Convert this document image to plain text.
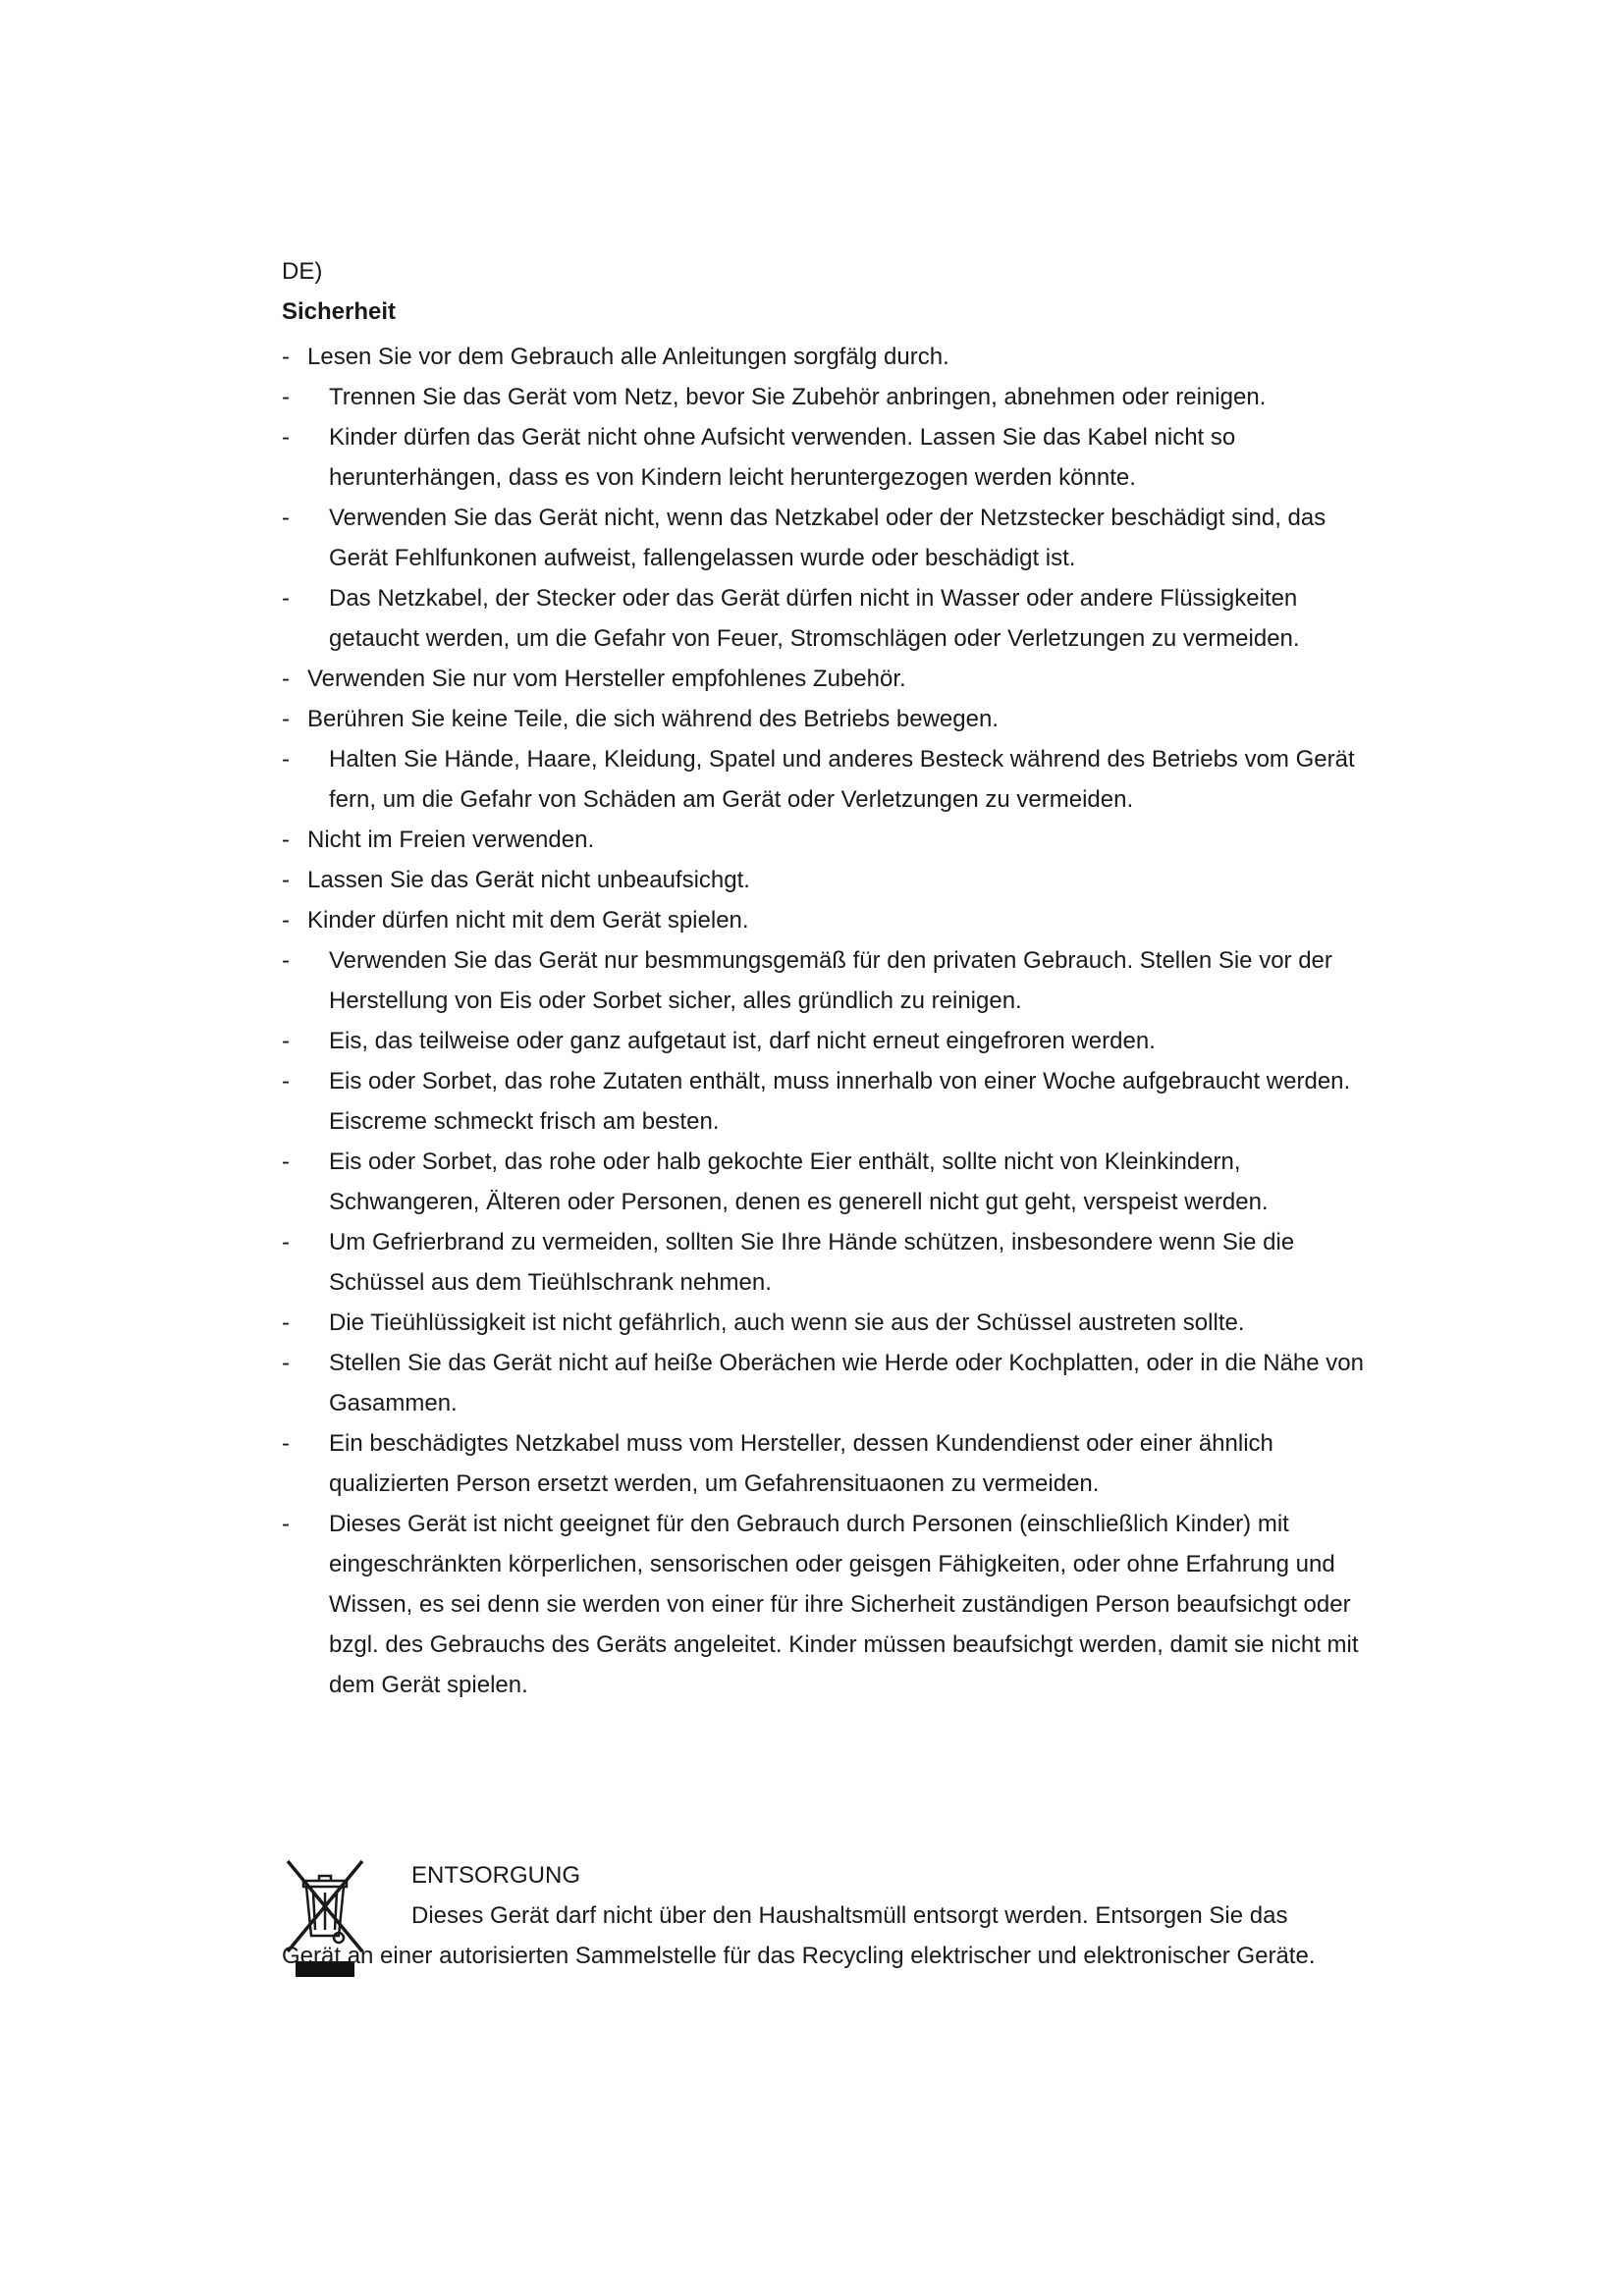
DE)
Sicherheit
- Lesen Sie vor dem Gebrauch alle Anleitungen sorgfälg durch.
- Trennen Sie das Gerät vom Netz, bevor Sie Zubehör anbringen, abnehmen oder reinigen.
- Kinder dürfen das Gerät nicht ohne Aufsicht verwenden. Lassen Sie das Kabel nicht so herunterhängen, dass es von Kindern leicht heruntergezogen werden könnte.
- Verwenden Sie das Gerät nicht, wenn das Netzkabel oder der Netzstecker beschädigt sind, das Gerät Fehlfunkonen aufweist, fallengelassen wurde oder beschädigt ist.
- Das Netzkabel, der Stecker oder das Gerät dürfen nicht in Wasser oder andere Flüssigkeiten getaucht werden, um die Gefahr von Feuer, Stromschlägen oder Verletzungen zu vermeiden.
- Verwenden Sie nur vom Hersteller empfohlenes Zubehör.
- Berühren Sie keine Teile, die sich während des Betriebs bewegen.
- Halten Sie Hände, Haare, Kleidung, Spatel und anderes Besteck während des Betriebs vom Gerät fern, um die Gefahr von Schäden am Gerät oder Verletzungen zu vermeiden.
- Nicht im Freien verwenden.
- Lassen Sie das Gerät nicht unbeaufsichgt.
- Kinder dürfen nicht mit dem Gerät spielen.
- Verwenden Sie das Gerät nur besmmungsgemäß für den privaten Gebrauch. Stellen Sie vor der Herstellung von Eis oder Sorbet sicher, alles gründlich zu reinigen.
- Eis, das teilweise oder ganz aufgetaut ist, darf nicht erneut eingefroren werden.
- Eis oder Sorbet, das rohe Zutaten enthält, muss innerhalb von einer Woche aufgebraucht werden. Eiscreme schmeckt frisch am besten.
- Eis oder Sorbet, das rohe oder halb gekochte Eier enthält, sollte nicht von Kleinkindern, Schwangeren, Älteren oder Personen, denen es generell nicht gut geht, verspeist werden.
- Um Gefrierbrand zu vermeiden, sollten Sie Ihre Hände schützen, insbesondere wenn Sie die Schüssel aus dem Tieühlschrank nehmen.
- Die Tieühlüssigkeit ist nicht gefährlich, auch wenn sie aus der Schüssel austreten sollte.
- Stellen Sie das Gerät nicht auf heiße Oberächen wie Herde oder Kochplatten, oder in die Nähe von Gasammen.
- Ein beschädigtes Netzkabel muss vom Hersteller, dessen Kundendienst oder einer ähnlich qualizierten Person ersetzt werden, um Gefahrensituaonen zu vermeiden.
- Dieses Gerät ist nicht geeignet für den Gebrauch durch Personen (einschließlich Kinder) mit eingeschränkten körperlichen, sensorischen oder geisgen Fähigkeiten, oder ohne Erfahrung und Wissen, es sei denn sie werden von einer für ihre Sicherheit zuständigen Person beaufsichgt oder bzgl. des Gebrauchs des Geräts angeleitet. Kinder müssen beaufsichgt werden, damit sie nicht mit dem Gerät spielen.
ENTSORGUNG
Dieses Gerät darf nicht über den Haushaltsmüll entsorgt werden. Entsorgen Sie das Gerät an einer autorisierten Sammelstelle für das Recycling elektrischer und elektronischer Geräte.
